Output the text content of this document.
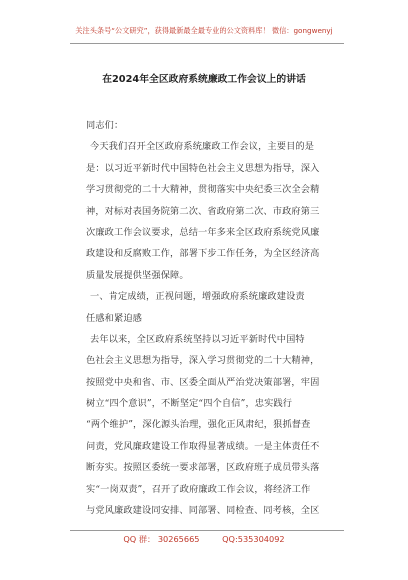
关注头条号“公文研究”，获得最新最全最专业的公文资料库！ 微信：gongwenyj
在2024年全区政府系统廉政工作会议上的讲话
同志们：
今天我们召开全区政府系统廉政工作会议，主要目的是
是：以习近平新时代中国特色社会主义思想为指导，深入
学习贯彻党的二十大精神，贯彻落实中央纪委三次全会精
神，对标对表国务院第二次、省政府第二次、市政府第三
次廉政工作会议要求，总结一年多来全区政府系统党风廉
政建设和反腐败工作，部署下步工作任务，为全区经济高
质量发展提供坚强保障。
一、肯定成绩，正视问题，增强政府系统廉政建设责
任感和紧迫感
去年以来，全区政府系统坚持以习近平新时代中国特
色社会主义思想为指导，深入学习贯彻党的二十大精神，
按照党中央和省、市、区委全面从严治党决策部署，牢固
树立“四个意识”，不断坚定“四个自信”，忠实践行
“两个维护”，深化源头治理，强化正风肃纪，狠抓督查
问责，党风廉政建设工作取得显著成绩。一是主体责任不
断夯实。按照区委统一要求部署，区政府班子成员带头落
实“一岗双责”，召开了政府廉政工作会议，将经济工作
与党风廉政建设同安排、同部署、同检查、同考核，全区
QQ 群： 30265665	QQ:535304092
